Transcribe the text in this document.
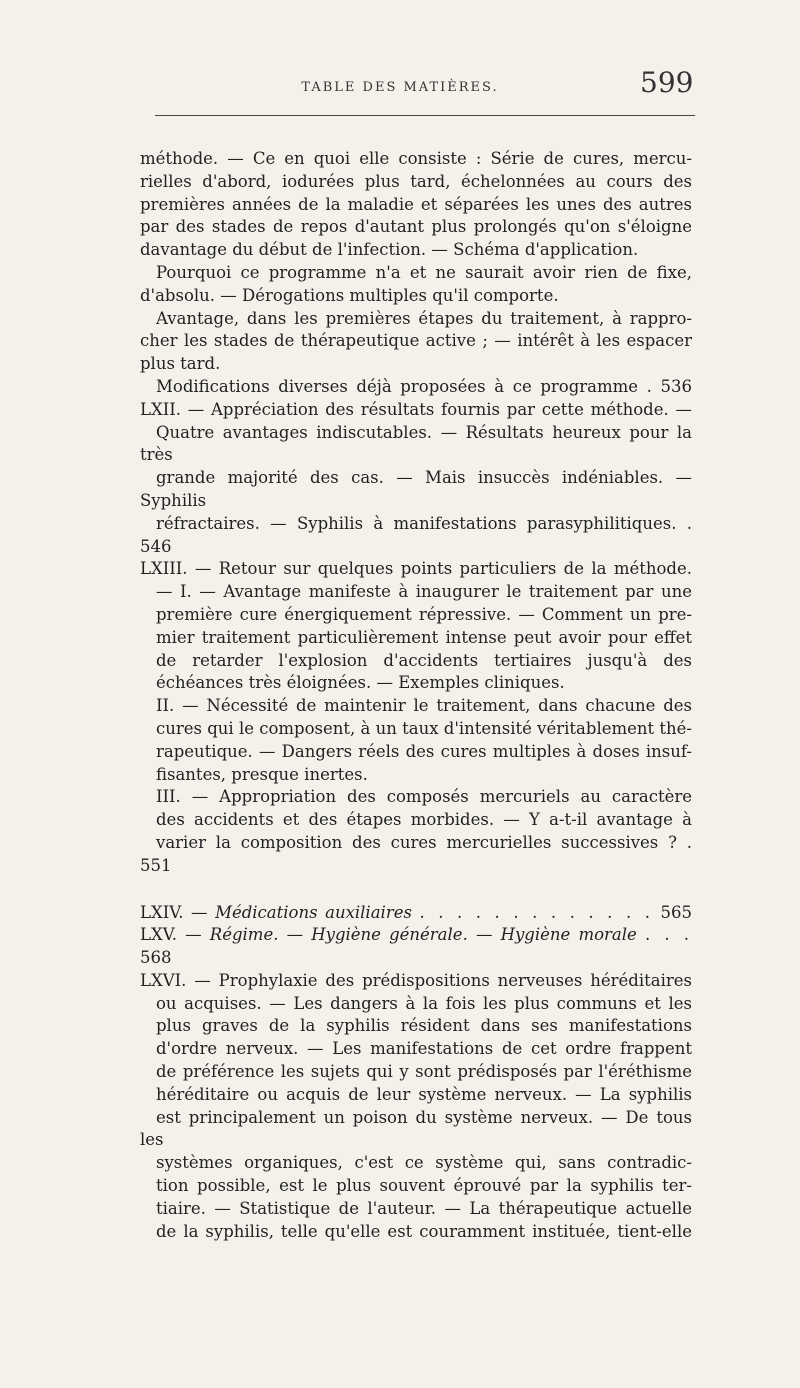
TABLE DES MATIÈRES.	599
méthode. — Ce en quoi elle consiste : Série de cures, mercu-
rielles d'abord, iodurées plus tard, échelonnées au cours des
premières années de la maladie et séparées les unes des autres
par des stades de repos d'autant plus prolongés qu'on s'éloigne
davantage du début de l'infection. — Schéma d'application.
Pourquoi ce programme n'a et ne saurait avoir rien de fixe,
d'absolu. — Dérogations multiples qu'il comporte.
Avantage, dans les premières étapes du traitement, à rappro-
cher les stades de thérapeutique active ; — intérêt à les espacer
plus tard.
Modifications diverses déjà proposées à ce programme . 536
LXII. — Appréciation des résultats fournis par cette méthode. —
Quatre avantages indiscutables. — Résultats heureux pour la très
grande majorité des cas. — Mais insuccès indéniables. — Syphilis
réfractaires. — Syphilis à manifestations parasyphilitiques. . 546
LXIII. — Retour sur quelques points particuliers de la méthode.
— I. — Avantage manifeste à inaugurer le traitement par une
première cure énergiquement répressive. — Comment un pre-
mier traitement particulièrement intense peut avoir pour effet
de retarder l'explosion d'accidents tertiaires jusqu'à des
échéances très éloignées. — Exemples cliniques.
II. — Nécessité de maintenir le traitement, dans chacune des
cures qui le composent, à un taux d'intensité véritablement thé-
rapeutique. — Dangers réels des cures multiples à doses insuf-
fisantes, presque inertes.
III. — Appropriation des composés mercuriels au caractère
des accidents et des étapes morbides. — Y a-t-il avantage à
varier la composition des cures mercurielles successives ? . 551
LXIV. — Médications auxiliaires . . . . . . . . . . . . . 565
LXV. — Régime. — Hygiène générale. — Hygiène morale . . . 568
LXVI. — Prophylaxie des prédispositions nerveuses héréditaires
ou acquises. — Les dangers à la fois les plus communs et les
plus graves de la syphilis résident dans ses manifestations
d'ordre nerveux. — Les manifestations de cet ordre frappent
de préférence les sujets qui y sont prédisposés par l'éréthisme
héréditaire ou acquis de leur système nerveux. — La syphilis
est principalement un poison du système nerveux. — De tous les
systèmes organiques, c'est ce système qui, sans contradic-
tion possible, est le plus souvent éprouvé par la syphilis ter-
tiaire. — Statistique de l'auteur. — La thérapeutique actuelle
de la syphilis, telle qu'elle est couramment instituée, tient-elle
